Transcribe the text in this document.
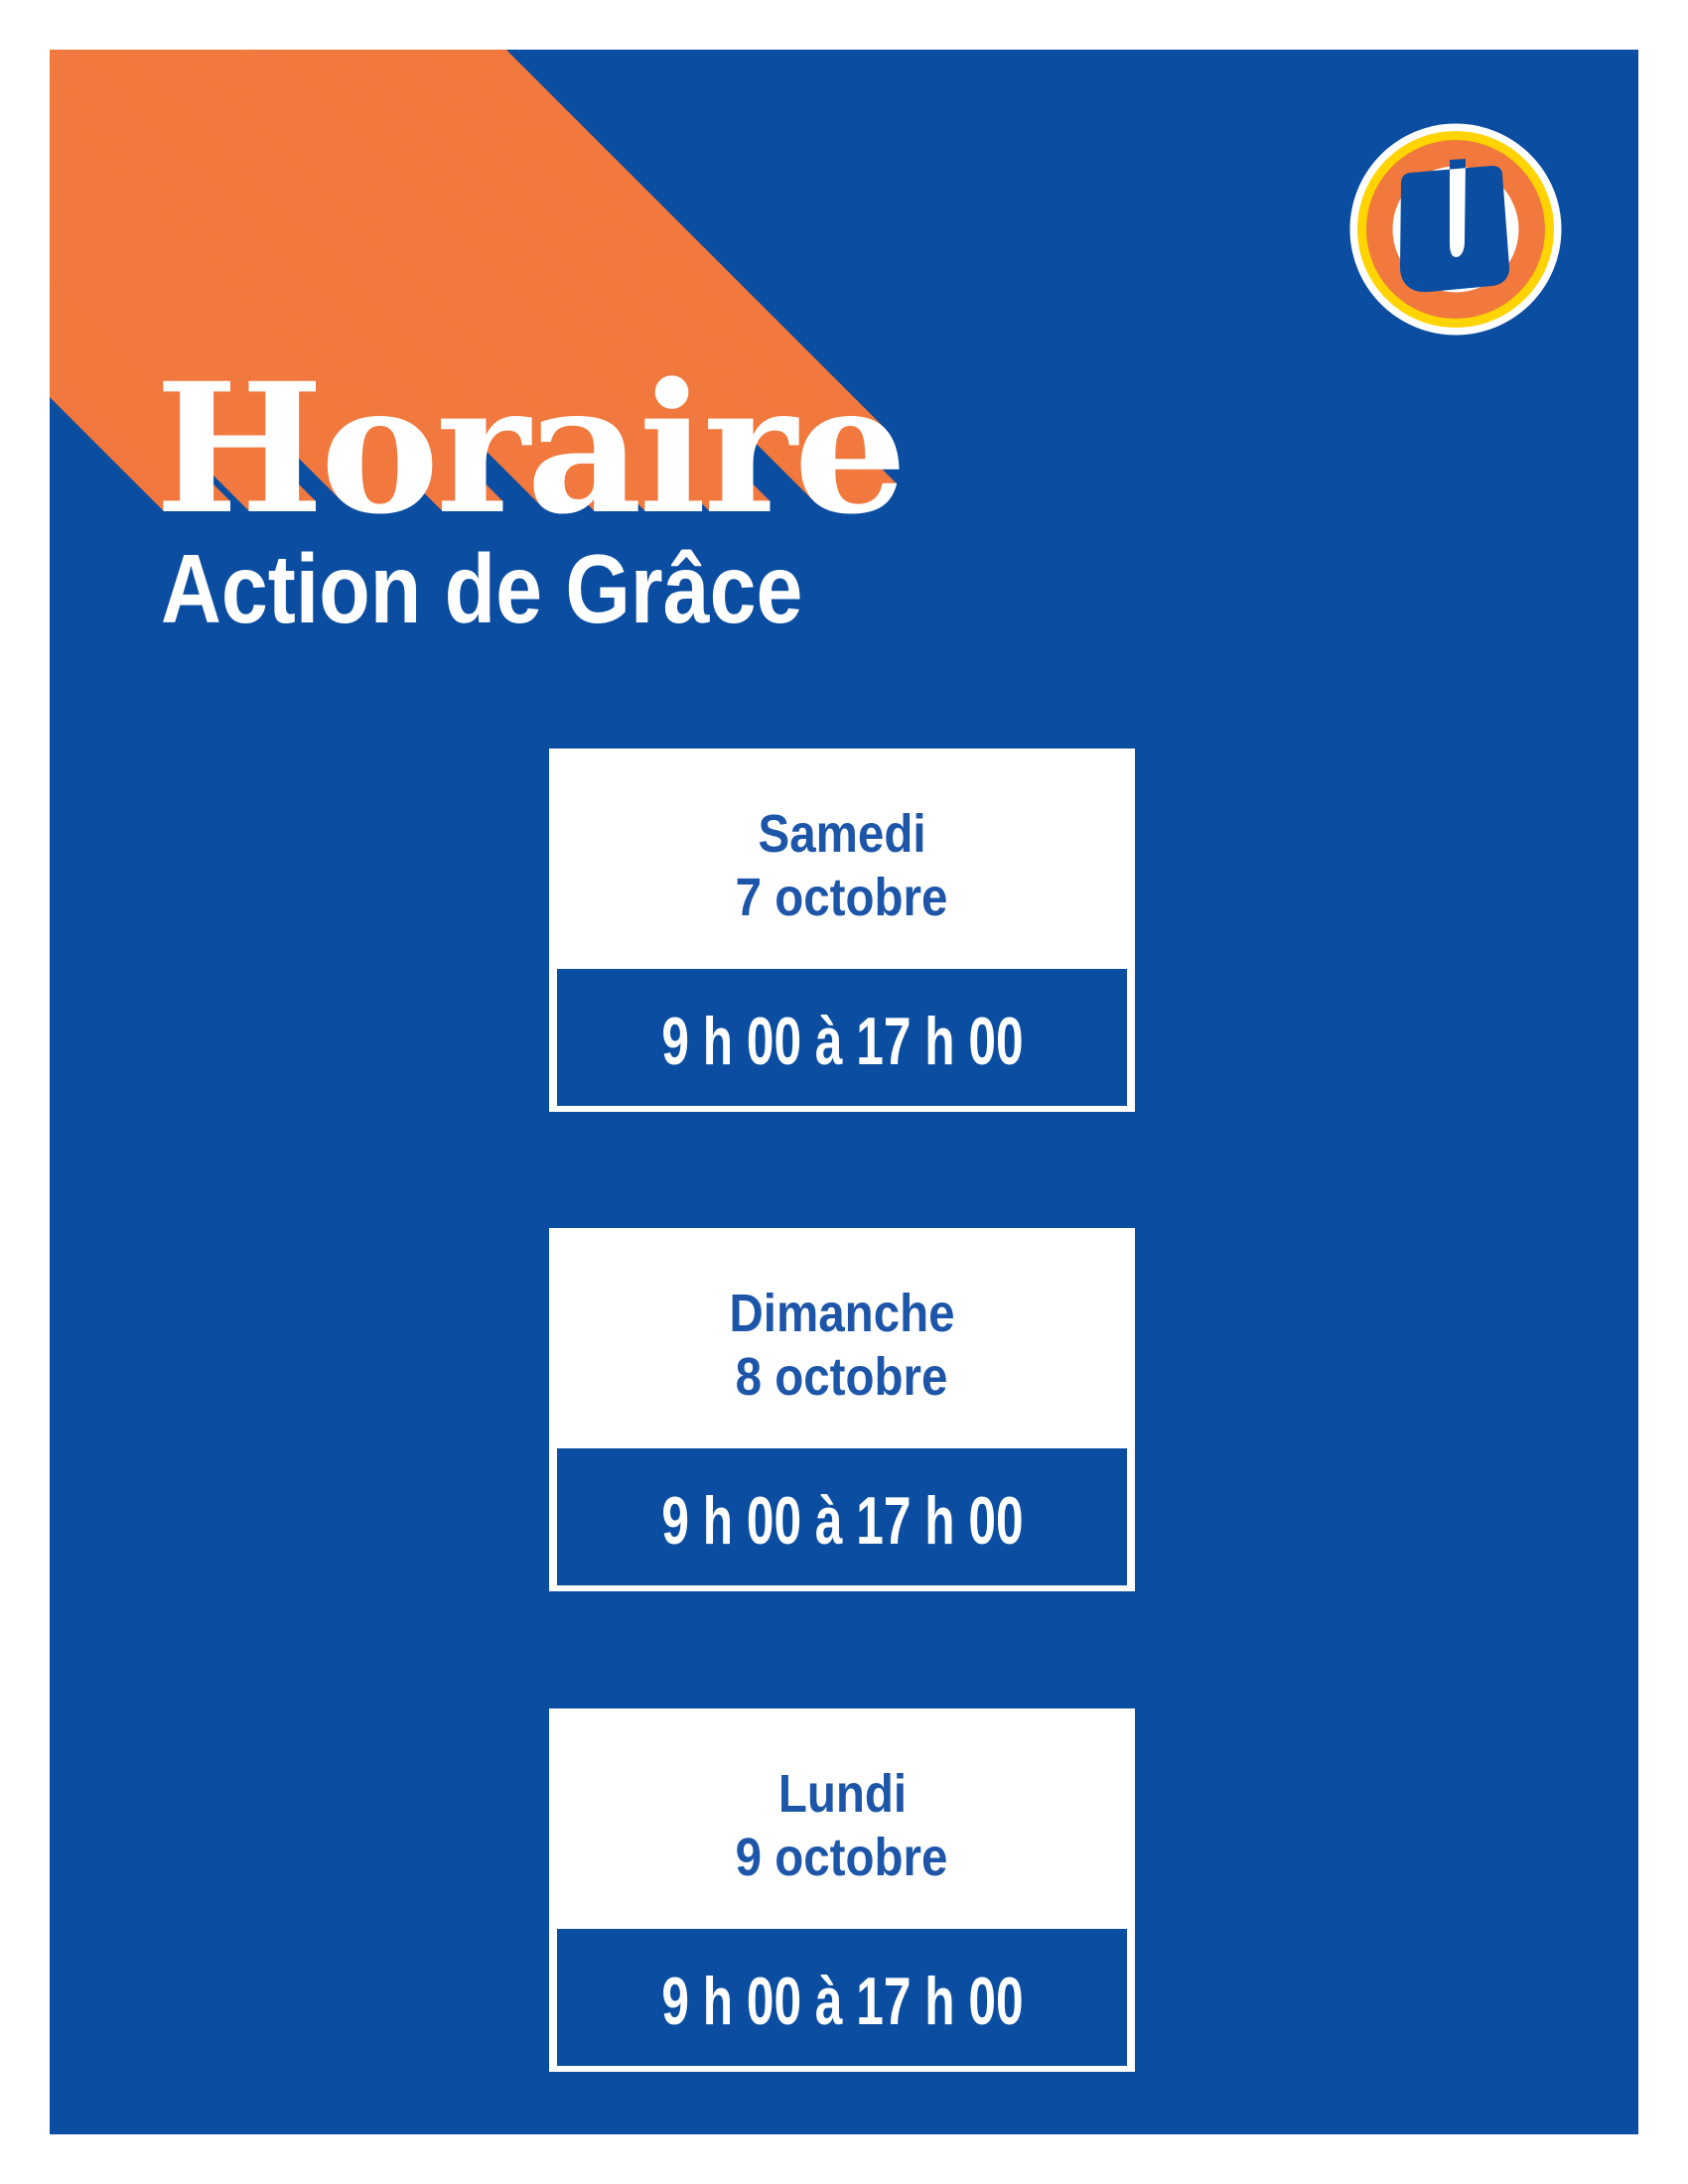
Horaire
Action de Grâce
Samedi
7 octobre
9 h 00 à 17 h 00
Dimanche
8 octobre
9 h 00 à 17 h 00
Lundi
9 octobre
9 h 00 à 17 h 00
